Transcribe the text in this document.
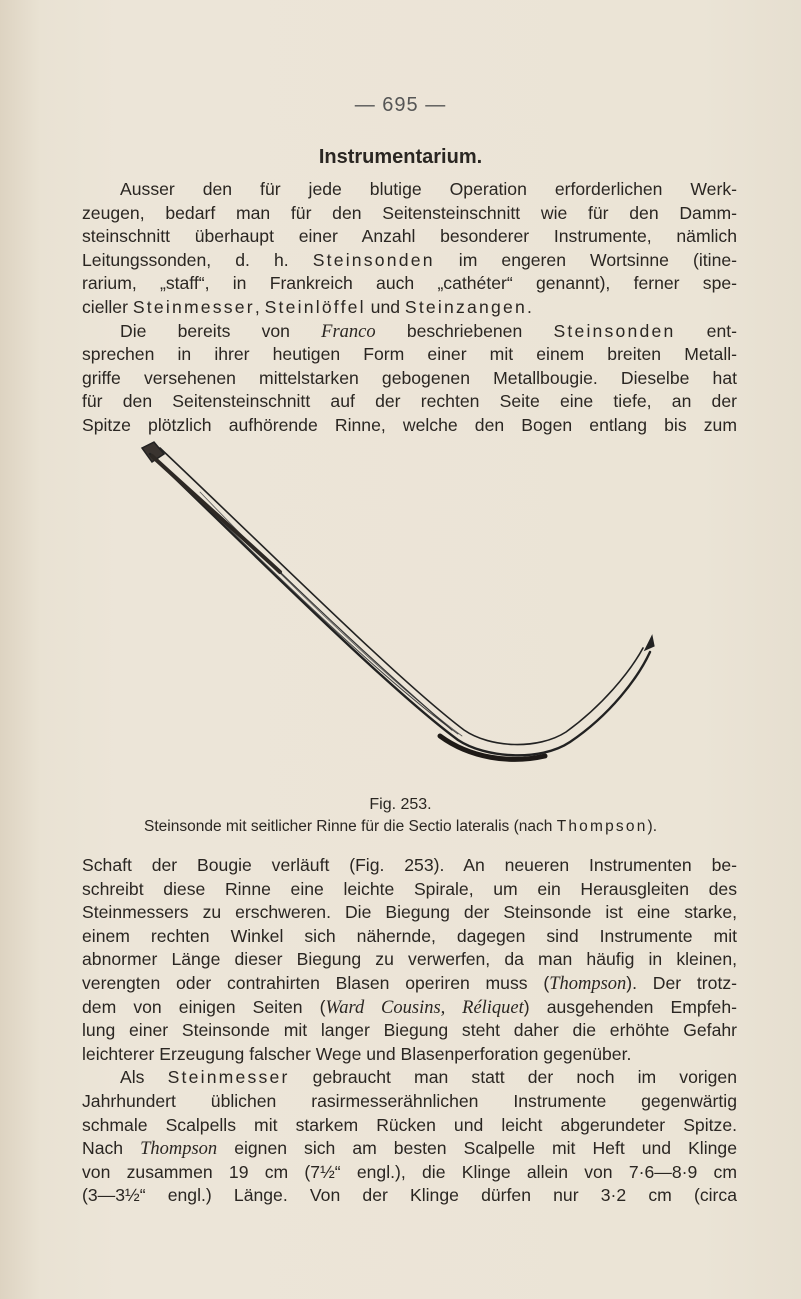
— 695 —
Instrumentarium.
Ausser den für jede blutige Operation erforderlichen Werk-
zeugen, bedarf man für den Seitensteinschnitt wie für den Damm-
steinschnitt überhaupt einer Anzahl besonderer Instrumente, nämlich
Leitungssonden, d. h. Steinsonden im engeren Wortsinne (itine-
rarium, „staff“, in Frankreich auch „cathéter“ genannt), ferner spe-
cieller Steinmesser, Steinlöffel und Steinzangen.
Die bereits von Franco beschriebenen Steinsonden ent-
sprechen in ihrer heutigen Form einer mit einem breiten Metall-
griffe versehenen mittelstarken gebogenen Metallbougie. Dieselbe hat
für den Seitensteinschnitt auf der rechten Seite eine tiefe, an der
Spitze plötzlich aufhörende Rinne, welche den Bogen entlang bis zum
Fig. 253.
Steinsonde mit seitlicher Rinne für die Sectio lateralis (nach Thompson).
Schaft der Bougie verläuft (Fig. 253). An neueren Instrumenten be-
schreibt diese Rinne eine leichte Spirale, um ein Herausgleiten des
Steinmessers zu erschweren. Die Biegung der Steinsonde ist eine starke,
einem rechten Winkel sich nähernde, dagegen sind Instrumente mit
abnormer Länge dieser Biegung zu verwerfen, da man häufig in kleinen,
verengten oder contrahirten Blasen operiren muss (Thompson). Der trotz-
dem von einigen Seiten (Ward Cousins, Réliquet) ausgehenden Empfeh-
lung einer Steinsonde mit langer Biegung steht daher die erhöhte Gefahr
leichterer Erzeugung falscher Wege und Blasenperforation gegenüber.
Als Steinmesser gebraucht man statt der noch im vorigen
Jahrhundert üblichen rasirmesserähnlichen Instrumente gegenwärtig
schmale Scalpells mit starkem Rücken und leicht abgerundeter Spitze.
Nach Thompson eignen sich am besten Scalpelle mit Heft und Klinge
von zusammen 19 cm (7½“ engl.), die Klinge allein von 7·6—8·9 cm
(3—3½“ engl.) Länge. Von der Klinge dürfen nur 3·2 cm (circa
